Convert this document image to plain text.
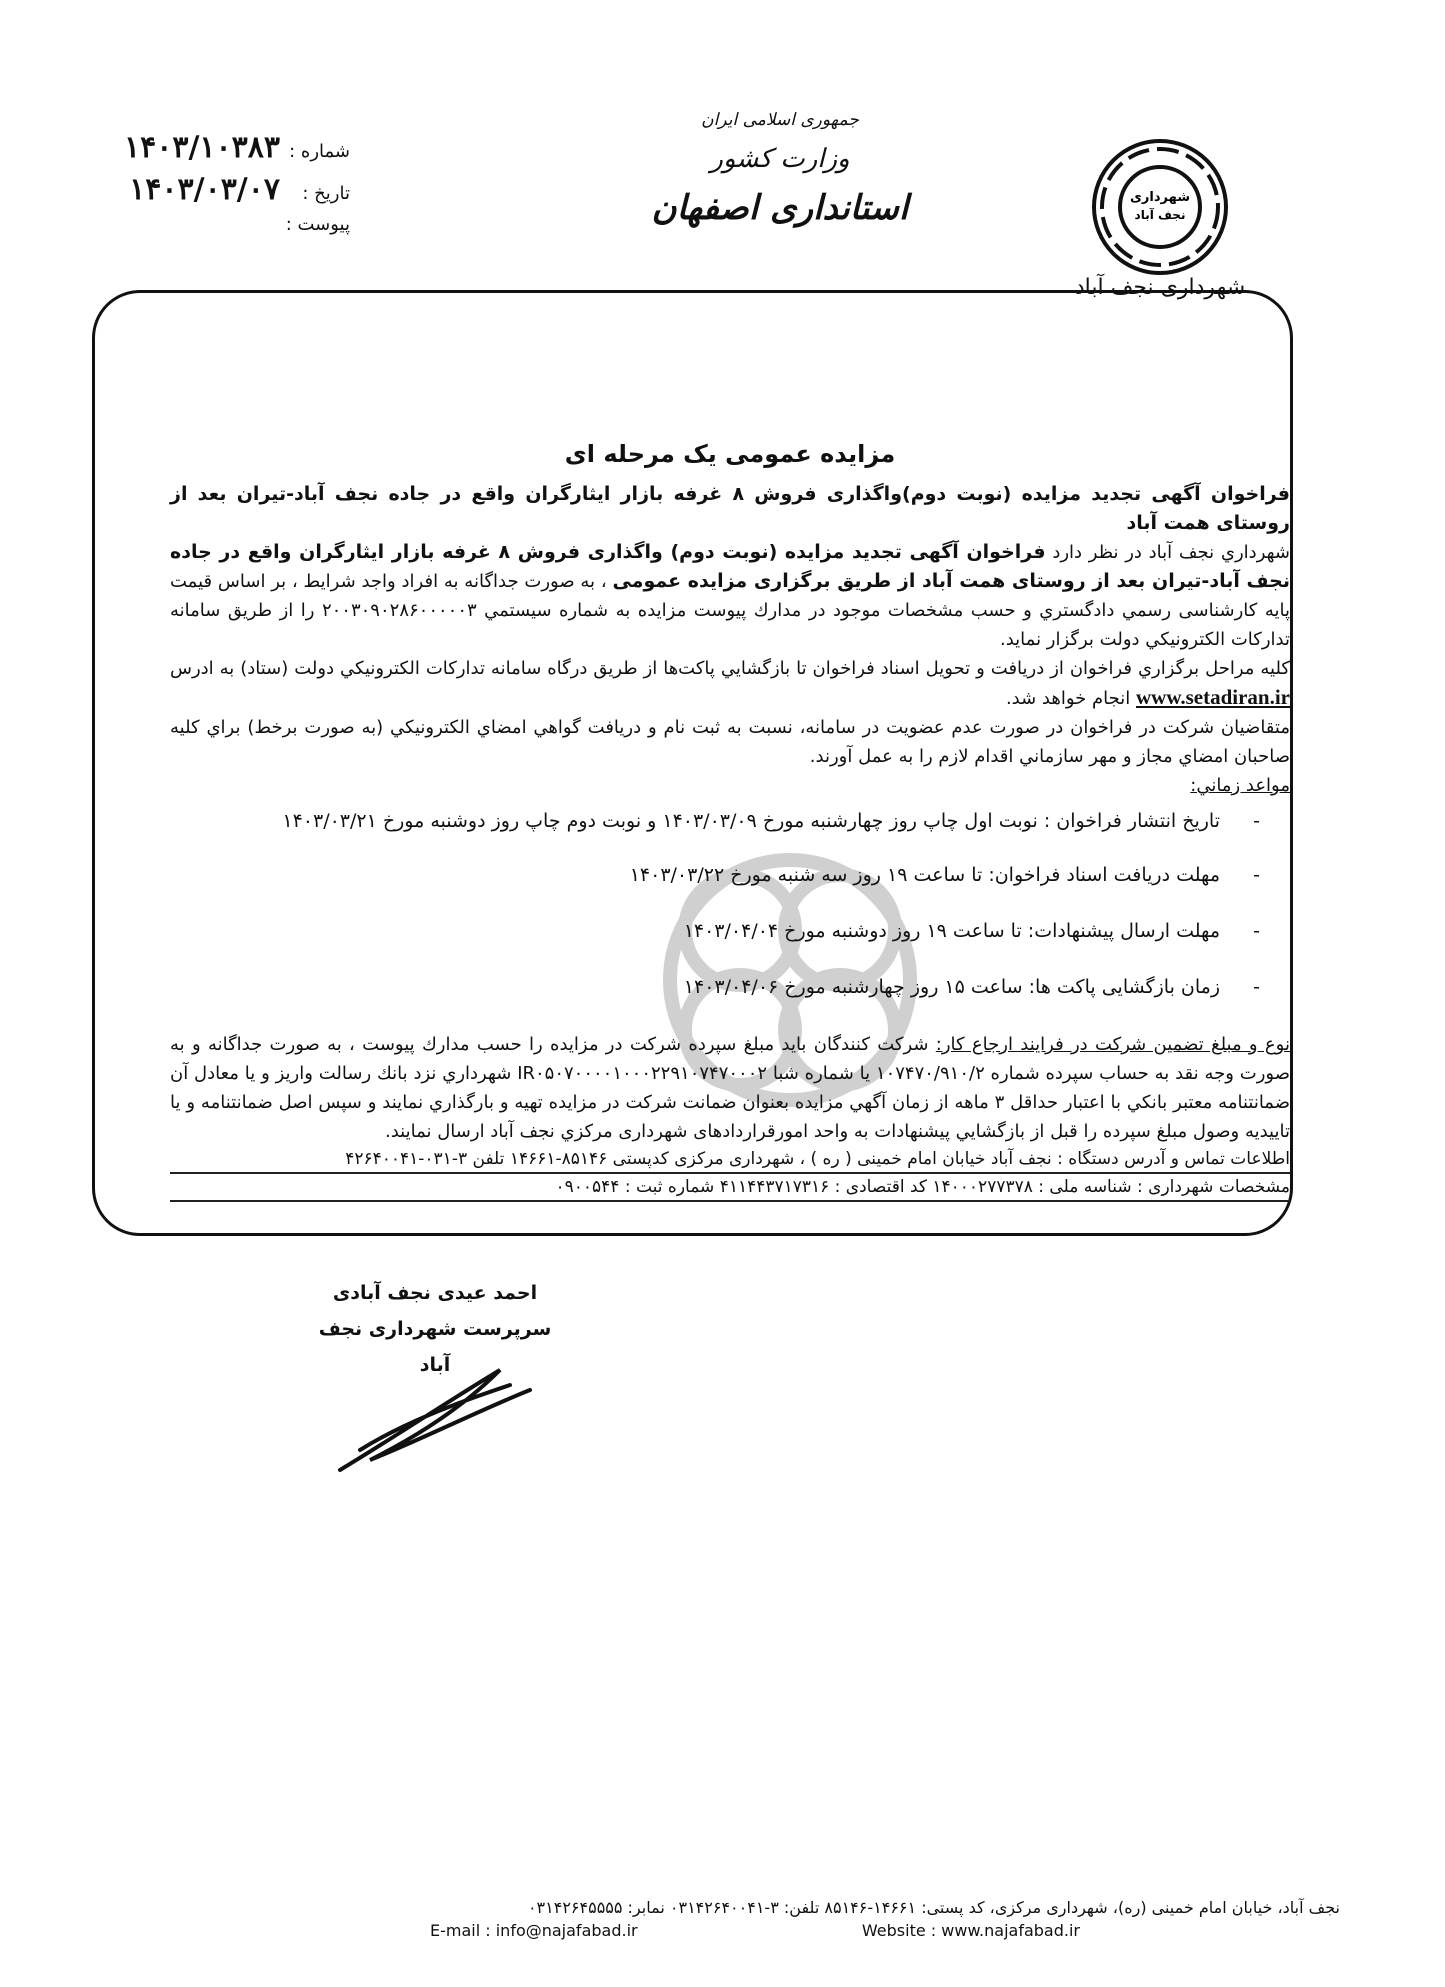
شهرداری
نجف آباد
شهرداری نجف آباد
جمهوری اسلامی ایران
وزارت کشور
استانداری اصفهان
شماره :
۱۴۰۳/۱۰۳۸۳
تاریخ :
۱۴۰۳/۰۳/۰۷
پیوست :
مزایده عمومی یک مرحله ای
فراخوان آگهی تجدید مزایده (نوبت دوم)واگذاری فروش ۸ غرفه بازار ایثارگران واقع در جاده نجف آباد-تیران بعد از روستای همت آباد
شهرداري نجف آباد در نظر دارد فراخوان آگهی تجدید مزایده (نوبت دوم) واگذاری فروش ۸ غرفه بازار ایثارگران واقع در جاده نجف آباد-تیران بعد از روستای همت آباد از طریق برگزاری مزایده عمومی ، به صورت جداگانه به افراد واجد شرایط ، بر اساس قیمت پایه کارشناسی رسمي دادگستري و حسب مشخصات موجود در مدارك پیوست مزایده به شماره سیستمي ۲۰۰۳۰۹۰۲۸۶۰۰۰۰۰۳ را از طریق سامانه تدارکات الکترونيكي دولت برگزار نماید.
كليه مراحل برگزاري فراخوان از دریافت و تحویل اسناد فراخوان تا بازگشايي پاکت‌ها از طریق درگاه سامانه تدارکات الکترونيكي دولت (ستاد) به ادرس www.setadiran.ir انجام خواهد شد.
متقاضیان شرکت در فراخوان در صورت عدم عضویت در سامانه، نسبت به ثبت نام و دریافت گواهي امضاي الكترونيكي (به صورت برخط) براي كليه صاحبان امضاي مجاز و مهر سازماني اقدام لازم را به عمل آورند.
مواعد زماني:
- تاریخ انتشار فراخوان : نوبت اول چاپ روز چهارشنبه مورخ ۱۴۰۳/۰۳/۰۹ و نوبت دوم چاپ روز دوشنبه مورخ ۱۴۰۳/۰۳/۲۱
- مهلت دریافت اسناد فراخوان: تا ساعت ۱۹ روز سه شنبه مورخ ۱۴۰۳/۰۳/۲۲
- مهلت ارسال پیشنهادات: تا ساعت ۱۹ روز دوشنبه مورخ ۱۴۰۳/۰۴/۰۴
- زمان بازگشایی پاکت ها: ساعت ۱۵ روز چهارشنبه مورخ ۱۴۰۳/۰۴/۰۶
نوع و مبلغ تضمين شرکت در فرايند ارجاع كار: شرکت کنندگان باید مبلغ سپرده شرکت در مزایده را حسب مدارك پیوست ، به صورت جداگانه و به صورت وجه نقد به حساب سپرده شماره ۱۰۷۴۷۰/۹۱۰/۲ یا شماره شبا IR۰۵۰۷۰۰۰۰۱۰۰۰۲۲۹۱۰۷۴۷۰۰۰۲ شهرداري نزد بانك رسالت واریز و یا معادل آن ضمانتنامه معتبر بانكي با اعتبار حداقل ۳ ماهه از زمان آگهي مزایده بعنوان ضمانت شرکت در مزایده تهیه و بارگذاري نمایند و سپس اصل ضمانتنامه و یا تاییدیه وصول مبلغ سپرده را قبل از بازگشایي پیشنهادات به واحد امورقراردادهای شهرداری مرکزي نجف آباد ارسال نمایند.
اطلاعات تماس و آدرس دستگاه : نجف آباد خیابان امام خمینی ( ره ) ، شهرداری مرکزی کدپستی ۸۵۱۴۶-۱۴۶۶۱ تلفن ۳-۰۳۱-۴۲۶۴۰۰۴۱
مشخصات شهرداری : شناسه ملی : ۱۴۰۰۰۲۷۷۳۷۸ کد اقتصادی : ۴۱۱۴۴۳۷۱۷۳۱۶ شماره ثبت : ۰۹۰۰۵۴۴
احمد عیدی نجف آبادی
سرپرست شهرداری نجف آباد
نجف آباد، خیابان امام خمینی (ره)، شهرداری مرکزی، کد پستی: ۱۴۶۶۱-۸۵۱۴۶ تلفن: ۳-۰۳۱۴۲۶۴۰۰۴۱ نمابر: ۰۳۱۴۲۶۴۵۵۵۵
E-mail : info@najafabad.ir	Website : www.najafabad.ir
